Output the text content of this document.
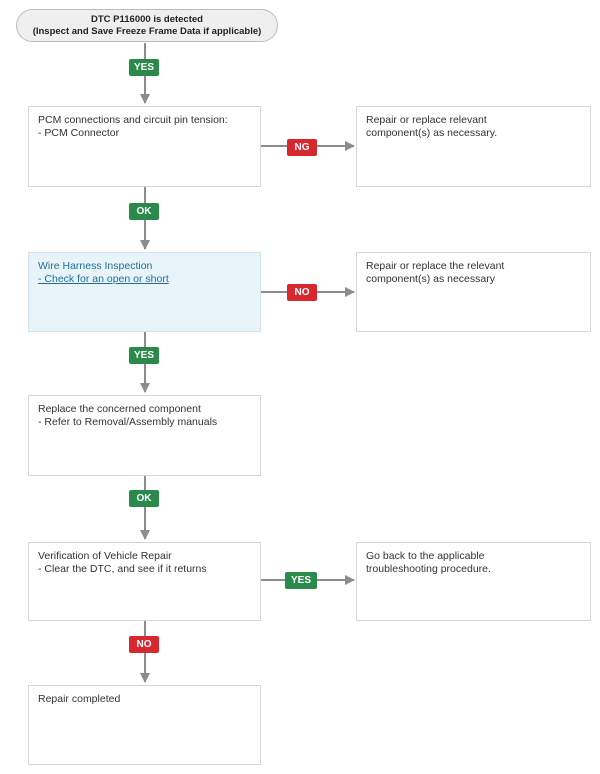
DTC P116000 is detected
(Inspect and Save Freeze Frame Data if applicable)
YES
OK
YES
OK
NO
NG
NO
YES
PCM connections and circuit pin tension:
- PCM Connector
Repair or replace relevant
component(s) as necessary.
Wire Harness Inspection
- Check for an open or short
Repair or replace the relevant
component(s) as necessary
Replace the concerned component
- Refer to Removal/Assembly manuals
Verification of Vehicle Repair
- Clear the DTC, and see if it returns
Go back to the applicable
troubleshooting procedure.
Repair completed
